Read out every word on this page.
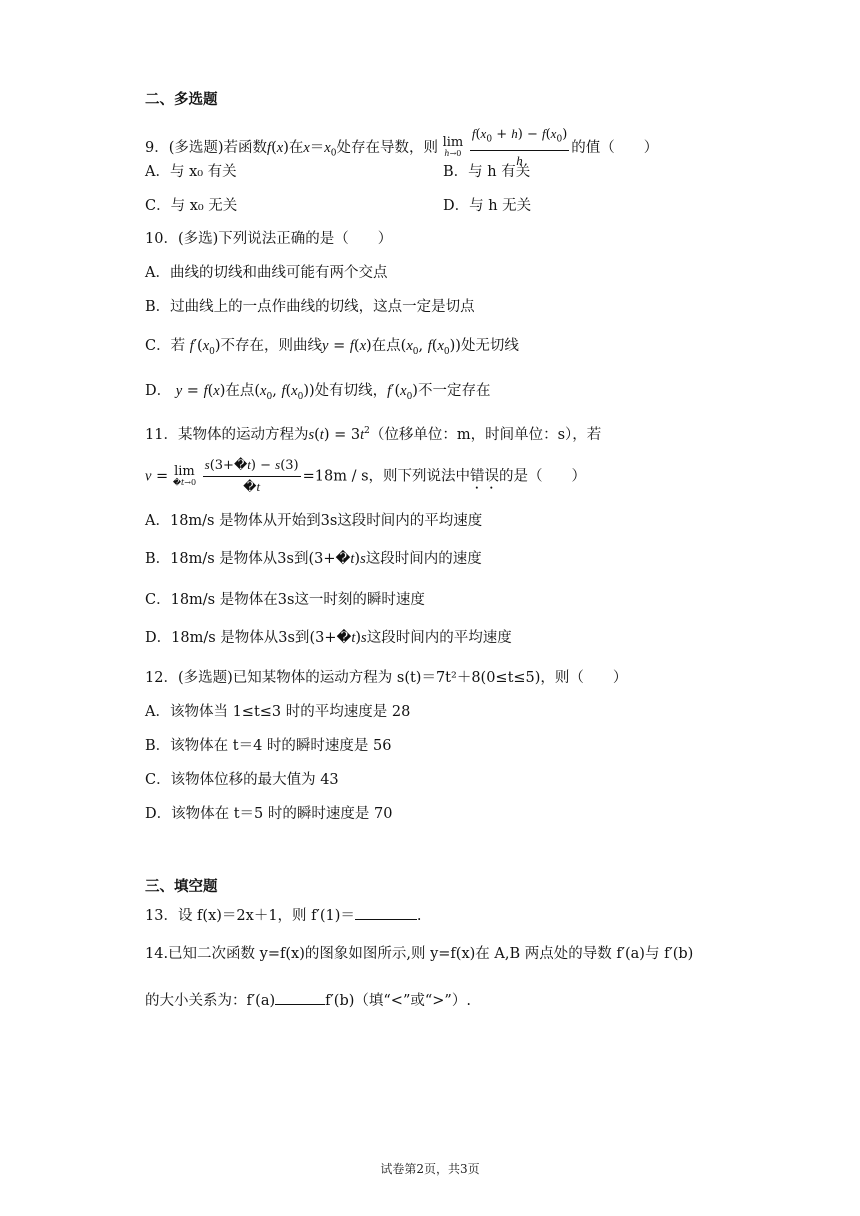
二、多选题
9．(多选题)若函数f(x)在$x=x_0$处存在导数，则 lim
h→0
$\frac{f(x_0 + h) - f(x_0)}{h}$ 的值（　　）
A．与 x₀ 有关	B．与 h 有关
C．与 x₀ 无关	D．与 h 无关
10．(多选)下列说法正确的是（　　）
A．曲线的切线和曲线可能有两个交点
B．过曲线上的一点作曲线的切线，这点一定是切点
C．若 $f'(x_0)$不存在，则曲线y = f(x)在点($x_0$, $f(x_0)$)处无切线
D． y = f(x)在点($x_0$, $f(x_0)$)处有切线，$f'(x_0)$不一定存在
11．某物体的运动方程为$s(t) = 3t^2$（位移单位：m，时间单位：s），若
v = lim
�t→0
$\frac{s(3+�t) - s(3)}{�t} =18m / s$，则下列说法中错误的是（　　）
A．18m/s 是物体从开始到3s这段时间内的平均速度
B．18m/s 是物体从3s到(3+�t)s这段时间内的速度
C．18m/s 是物体在3s这一时刻的瞬时速度
D．18m/s 是物体从3s到(3+�t)s这段时间内的平均速度
12．(多选题)已知某物体的运动方程为 s(t)＝7t²＋8(0≤t≤5)，则（　　）
A．该物体当 1≤t≤3 时的平均速度是 28
B．该物体在 t＝4 时的瞬时速度是 56
C．该物体位移的最大值为 43
D．该物体在 t＝5 时的瞬时速度是 70
三、填空题
13．设 f(x)＝2x＋1，则 f′(1)＝	.
14.已知二次函数 y=f(x)的图象如图所示,则 y=f(x)在 A,B 两点处的导数 f′(a)与 f′(b)
的大小关系为：f′(a)	f′(b)（填“<”或“>”）.
试卷第2页，共3页
